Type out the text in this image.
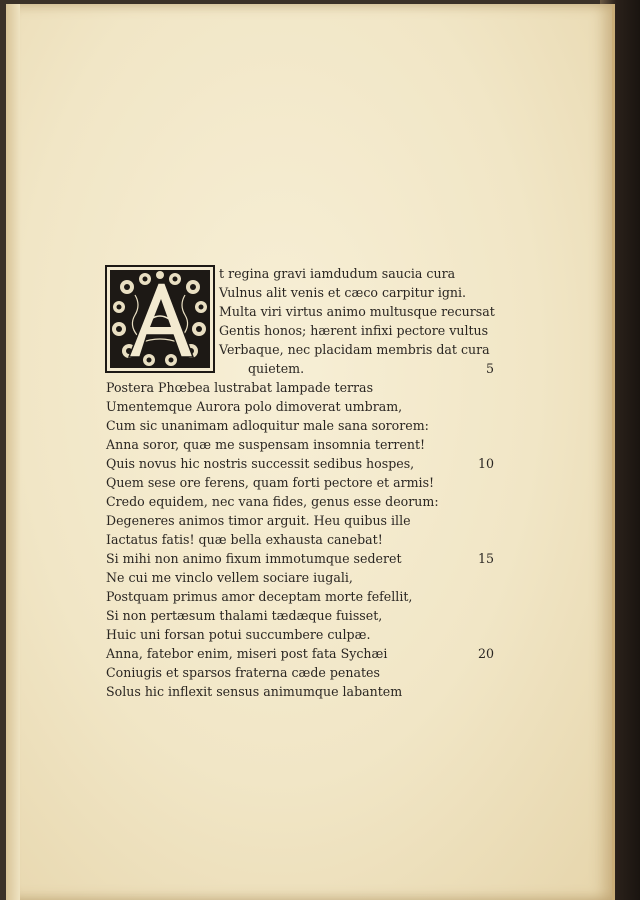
t regina gravi iamdudum saucia cura
Vulnus alit venis et cæco carpitur igni.
Multa viri virtus animo multusque recursat
Gentis honos; hærent infixi pectore vultus
Verbaque, nec placidam membris dat cura
quietem.	5
Postera Phœbea lustrabat lampade terras
Umentemque Aurora polo dimoverat umbram,
Cum sic unanimam adloquitur male sana sororem:
Anna soror, quæ me suspensam insomnia terrent!
Quis novus hic nostris successit sedibus hospes,	10
Quem sese ore ferens, quam forti pectore et armis!
Credo equidem, nec vana fides, genus esse deorum:
Degeneres animos timor arguit. Heu quibus ille
Iactatus fatis! quæ bella exhausta canebat!
Si mihi non animo fixum immotumque sederet	15
Ne cui me vinclo vellem sociare iugali,
Postquam primus amor deceptam morte fefellit,
Si non pertæsum thalami tædæque fuisset,
Huic uni forsan potui succumbere culpæ.
Anna, fatebor enim, miseri post fata Sychæi	20
Coniugis et sparsos fraterna cæde penates
Solus hic inflexit sensus animumque labantem
